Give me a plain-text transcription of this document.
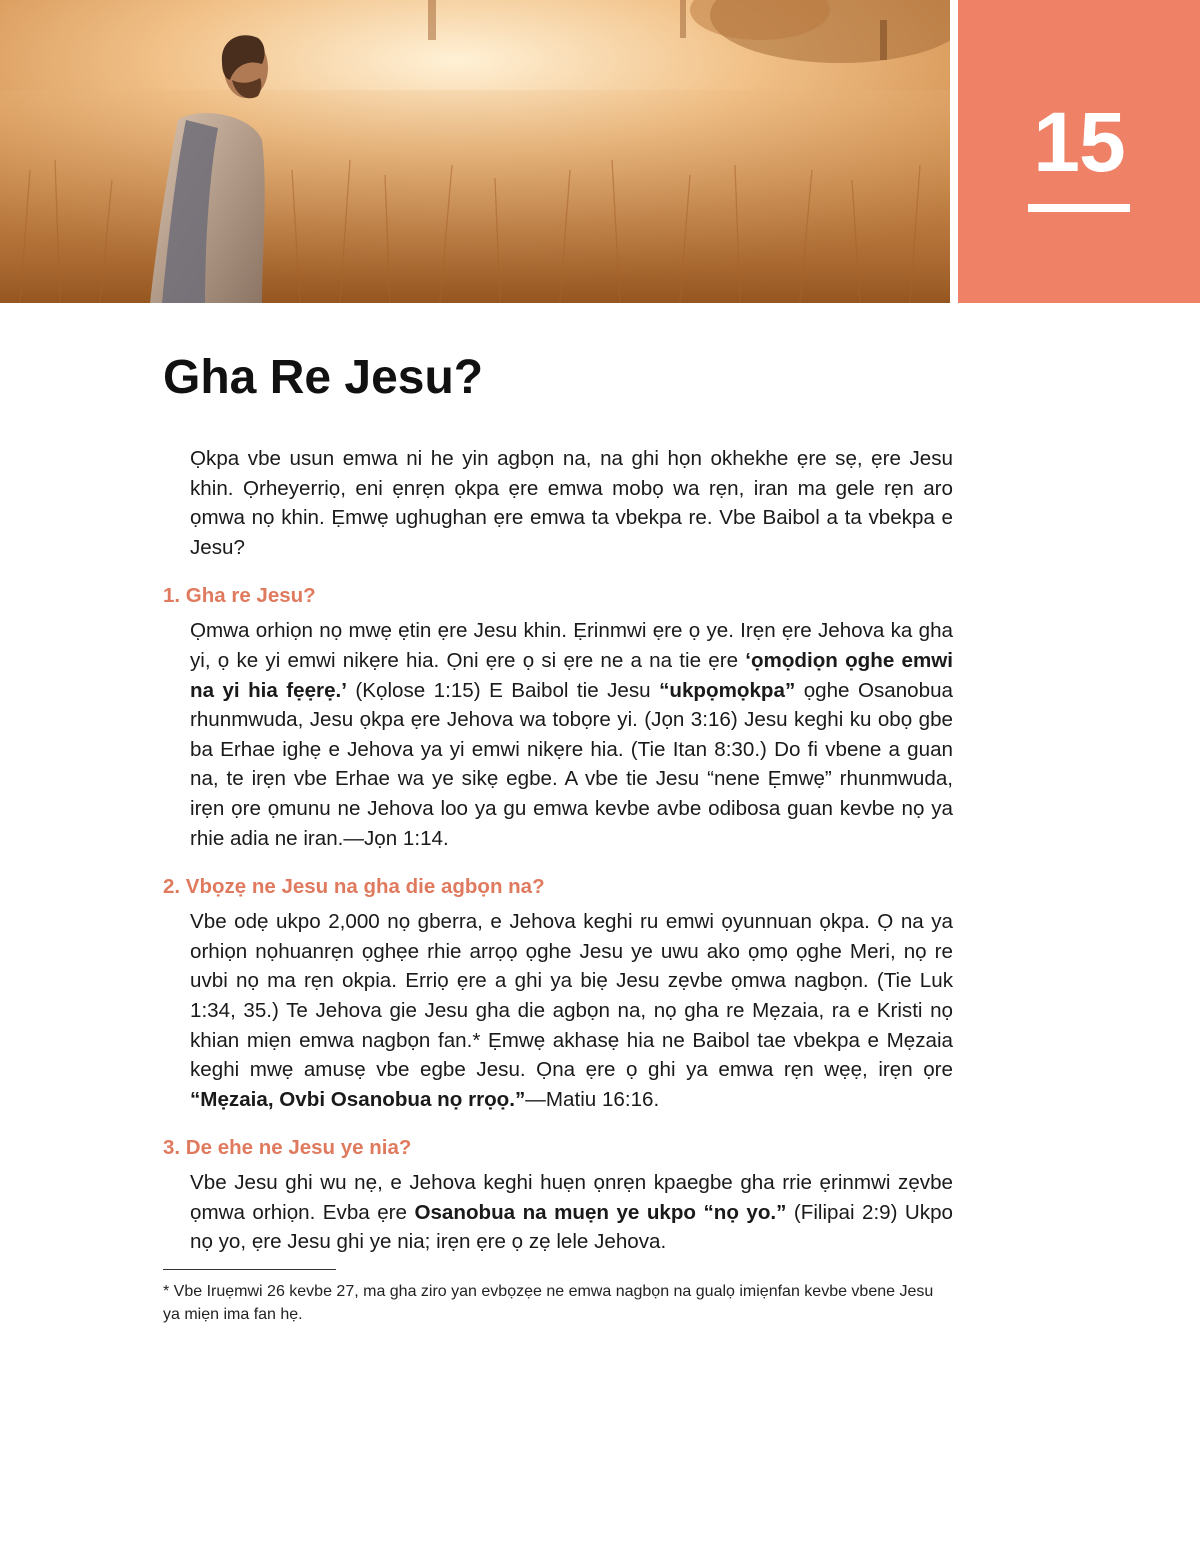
15
Gha Re Jesu?

Ọkpa vbe usun emwa ni he yin agbọn na, na ghi họn okhekhe ẹre sẹ, ẹre Jesu khin. Ọrheyerriọ, eni ẹnrẹn ọkpa ẹre emwa mobọ wa rẹn, iran ma gele rẹn aro ọmwa nọ khin. Ẹmwẹ ughughan ẹre emwa ta vbekpa re. Vbe Baibol a ta vbekpa e Jesu?

1. Gha re Jesu?

Ọmwa orhiọn nọ mwẹ ẹtin ẹre Jesu khin. Ẹrinmwi ẹre ọ ye. Irẹn ẹre Jehova ka gha yi, ọ ke yi emwi nikẹre hia. Ọni ẹre ọ si ẹre ne a na tie ẹre ‘ọmọdiọn ọghe emwi na yi hia fẹẹrẹ.’ (Kọlose 1:15) E Baibol tie Jesu “ukpọmọkpa” ọghe Osanobua rhunmwuda, Jesu ọkpa ẹre Jehova wa tobọre yi. (Jọn 3:16) Jesu keghi ku obọ gbe ba Erhae ighẹ e Jehova ya yi emwi nikẹre hia. (Tie Itan 8:30.) Do fi vbene a guan na, te irẹn vbe Erhae wa ye sikẹ egbe. A vbe tie Jesu “nene Ẹmwẹ” rhunmwuda, irẹn ọre ọmunu ne Jehova loo ya gu emwa kevbe avbe odibosa guan kevbe nọ ya rhie adia ne iran.—Jọn 1:14.

2. Vbọzẹ ne Jesu na gha die agbọn na?

Vbe odẹ ukpo 2,000 nọ gberra, e Jehova keghi ru emwi ọyunnuan ọkpa. Ọ na ya orhiọn nọhuanrẹn ọghẹe rhie arrọọ ọghe Jesu ye uwu ako ọmọ ọghe Meri, nọ re uvbi nọ ma rẹn okpia. Erriọ ẹre a ghi ya biẹ Jesu zẹvbe ọmwa nagbọn. (Tie Luk 1:34, 35.) Te Jehova gie Jesu gha die agbọn na, nọ gha re Mẹzaia, ra e Kristi nọ khian miẹn emwa nagbọn fan.* Ẹmwẹ akhasẹ hia ne Baibol tae vbekpa e Mẹzaia keghi mwẹ amusẹ vbe egbe Jesu. Ọna ẹre ọ ghi ya emwa rẹn wẹẹ, irẹn ọre “Mẹzaia, Ovbi Osanobua nọ rrọọ.”—Matiu 16:16.

3. De ehe ne Jesu ye nia?

Vbe Jesu ghi wu nẹ, e Jehova keghi huẹn ọnrẹn kpaegbe gha rrie ẹrinmwi zẹvbe ọmwa orhiọn. Evba ẹre Osanobua na muẹn ye ukpo “nọ yo.” (Filipai 2:9) Ukpo nọ yo, ẹre Jesu ghi ye nia; irẹn ẹre ọ zẹ lele Jehova.

* Vbe Iruẹmwi 26 kevbe 27, ma gha ziro yan evbọzẹe ne emwa nagbọn na gualọ imiẹnfan kevbe vbene Jesu ya miẹn ima fan hẹ.
